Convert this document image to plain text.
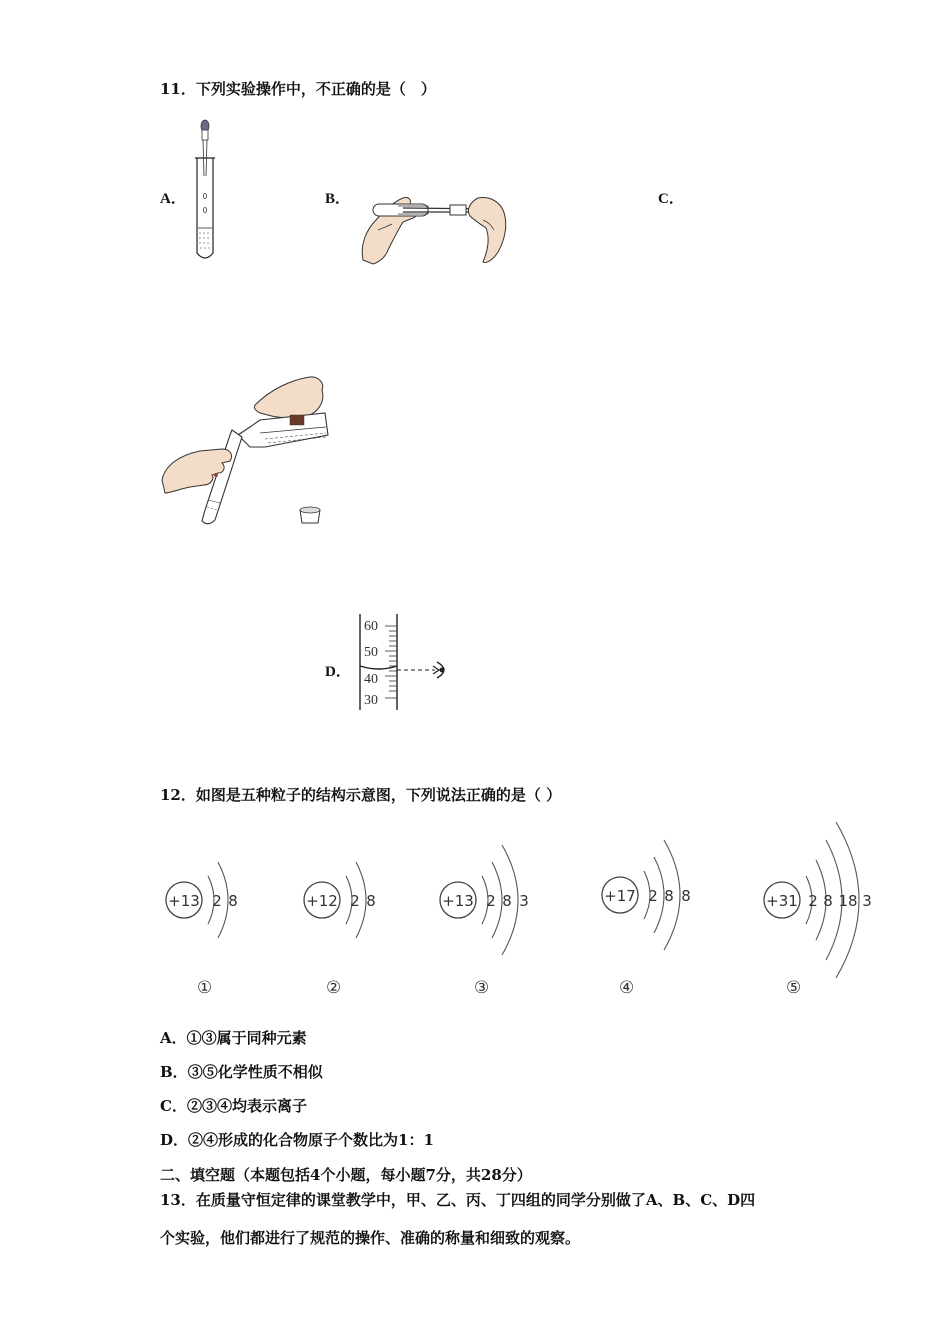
11．下列实验操作中，不正确的是（　）
A．	B．	C．
D．
60
50
40
30
12．如图是五种粒子的结构示意图，下列说法正确的是（ ）
+13 2 8
①
+12 2 8
②
+13 2 8 3
③
+17 2 8 8
④
+31 2 8 18 3
⑤
A．①③属于同种元素
B．③⑤化学性质不相似
C．②③④均表示离子
D．②④形成的化合物原子个数比为1：1
二、填空题（本题包括4个小题，每小题7分，共28分）
13．在质量守恒定律的课堂教学中，甲、乙、丙、丁四组的同学分别做了A、B、C、D四
个实验，他们都进行了规范的操作、准确的称量和细致的观察。
